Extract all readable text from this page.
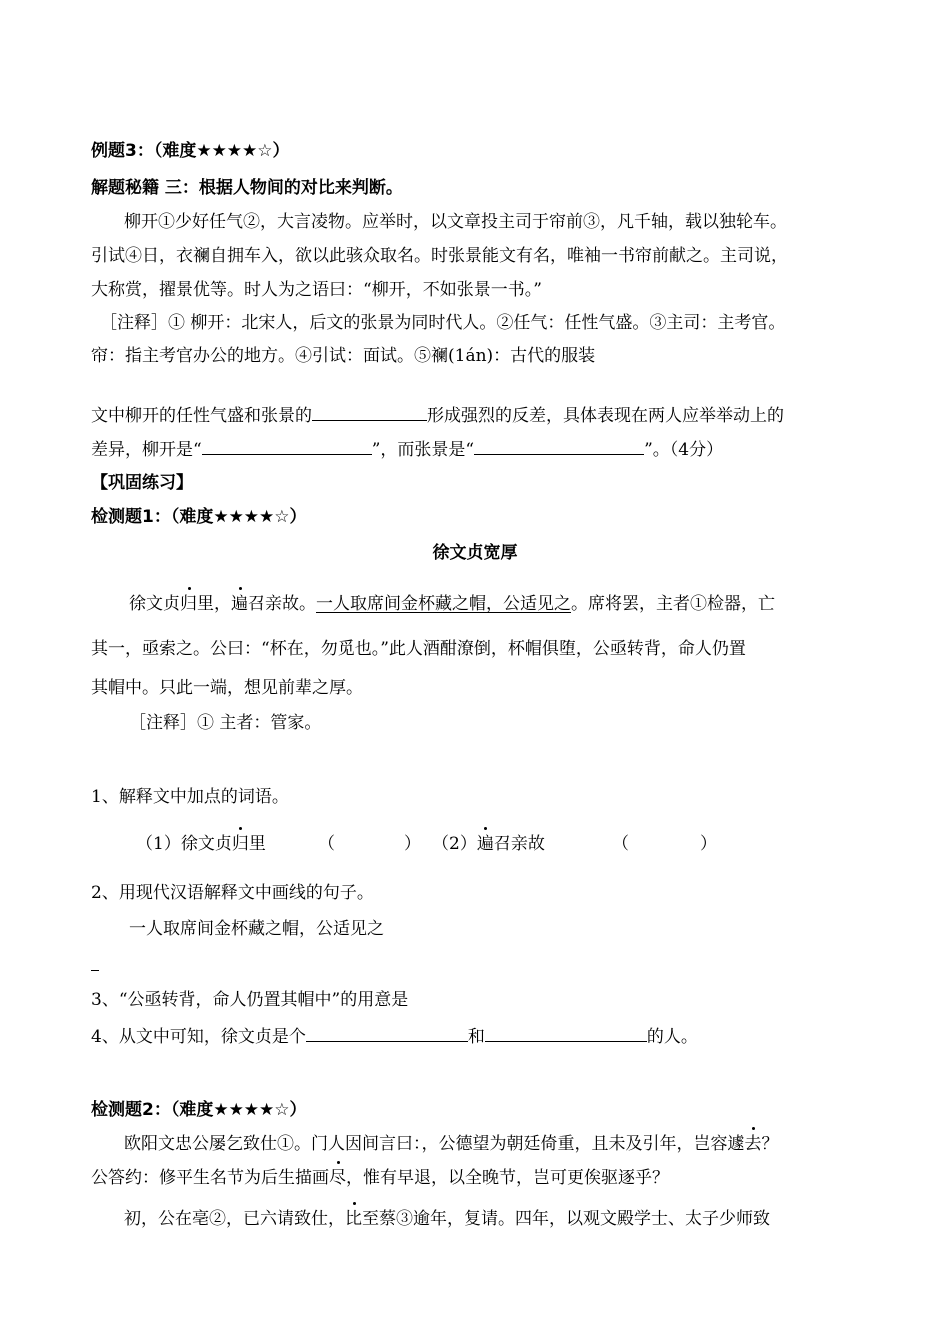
例题3：（难度★★★★☆）
解题秘籍 三：根据人物间的对比来判断。
柳开①少好任气②，大言凌物。应举时，以文章投主司于帘前③，凡千轴，载以独轮车。
引试④日，衣襕自拥车入，欲以此骇众取名。时张景能文有名，唯袖一书帘前献之。主司说，
大称赏，擢景优等。时人为之语曰：“柳开，不如张景一书。”
［注释］① 柳开：北宋人，后文的张景为同时代人。②任气：任性气盛。③主司：主考官。
帘：指主考官办公的地方。④引试：面试。⑤襕(1án)：古代的服装
文中柳开的任性气盛和张景的	形成强烈的反差，具体表现在两人应举举动上的
差异，柳开是“	”，而张景是“	”。（4分）
【巩固练习】
检测题1：（难度★★★★☆）
徐文贞宽厚
徐文贞归里，遍召亲故。一人取席间金杯藏之帽，公适见之。席将罢，主者①检器，亡
其一，亟索之。公曰：“杯在，勿觅也。”此人酒酣潦倒，杯帽俱堕，公亟转背，命人仍置
其帽中。只此一端，想见前辈之厚。
［注释］① 主者：管家。
1、解释文中加点的词语。
（1）徐文贞归里	（	） （2）遍召亲故	（	）
2、用现代汉语解释文中画线的句子。
一人取席间金杯藏之帽，公适见之
3、“公亟转背，命人仍置其帽中”的用意是
4、从文中可知，徐文贞是个	和	的人。
检测题2：（难度★★★★☆）
欧阳文忠公屡乞致仕①。门人因间言曰：，公德望为朝廷倚重，且未及引年，岂容遽去？
公答约：修平生名节为后生描画尽，惟有早退，以全晚节，岂可更俟驱逐乎？
初，公在亳②，已六请致仕，比至蔡③逾年，复请。四年，以观文殿学士、太子少师致
